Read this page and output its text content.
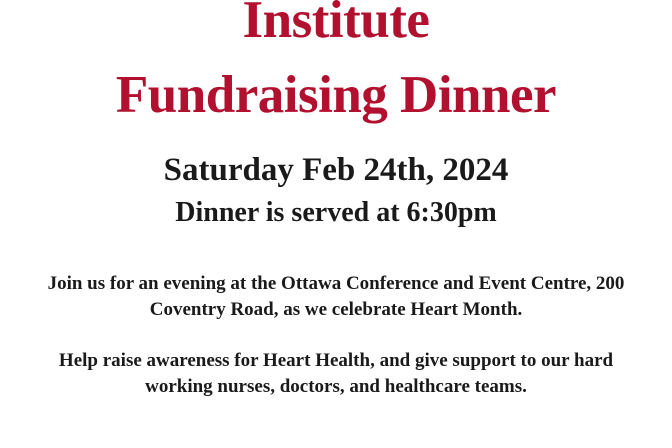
Institute
Fundraising Dinner
Saturday Feb 24th, 2024
Dinner is served at 6:30pm
Join us for an evening at the Ottawa Conference and Event Centre, 200 Coventry Road, as we celebrate Heart Month.
Help raise awareness for Heart Health, and give support to our hard working nurses, doctors, and healthcare teams.
